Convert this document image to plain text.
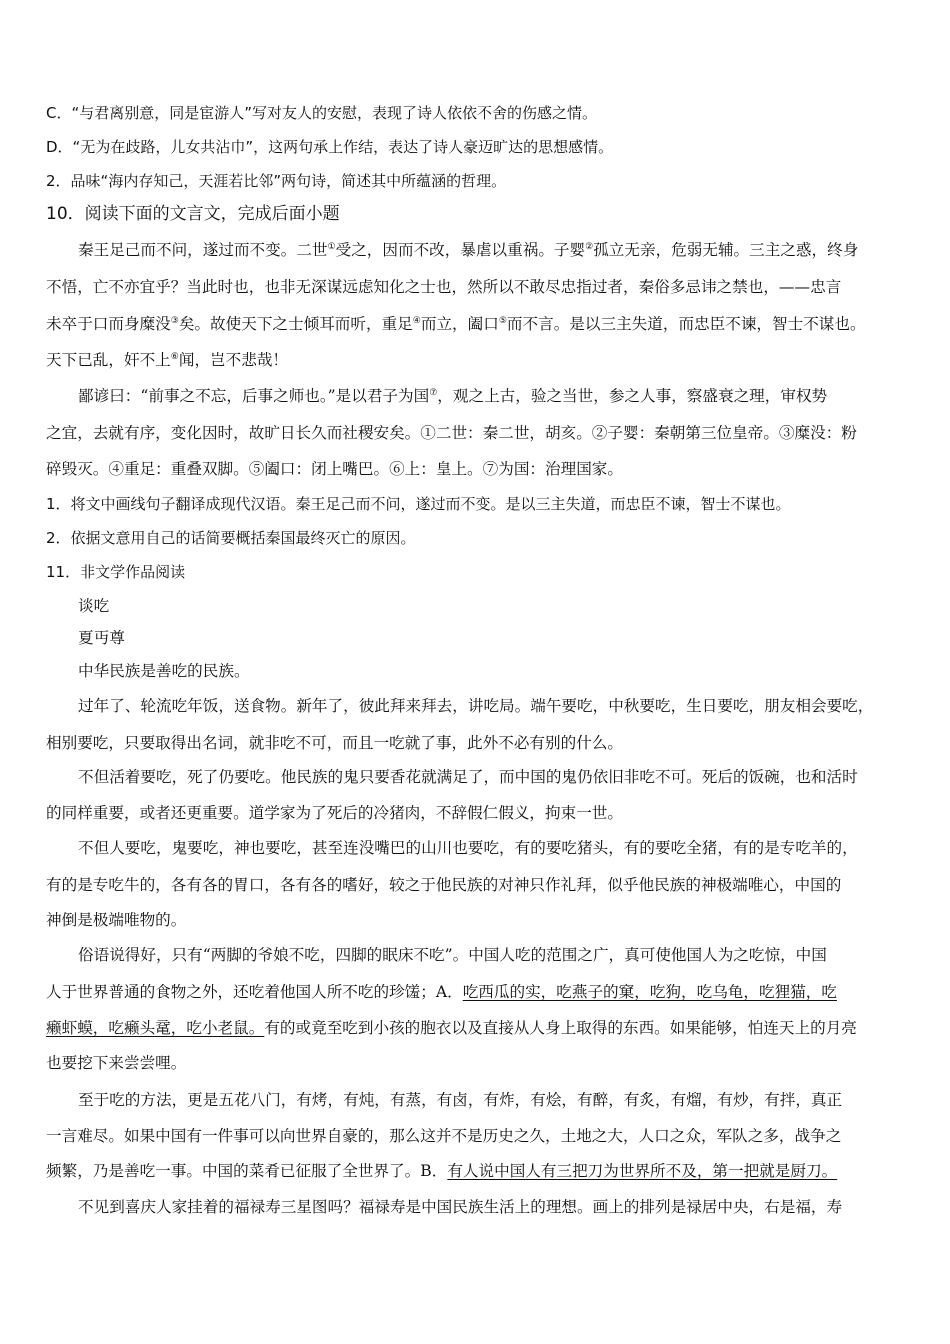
C．“与君离别意，同是宦游人”写对友人的安慰，表现了诗人依依不舍的伤感之情。
D．“无为在歧路，儿女共沾巾”，这两句承上作结，表达了诗人豪迈旷达的思想感情。
2．品味“海内存知己，天涯若比邻”两句诗，简述其中所蕴涵的哲理。
10．阅读下面的文言文，完成后面小题
秦王足己而不问，遂过而不变。二世①受之，因而不改，暴虐以重祸。子婴②孤立无亲，危弱无辅。三主之惑，终身
不悟，亡不亦宜乎？当此时也，也非无深谋远虑知化之士也，然所以不敢尽忠指过者，秦俗多忌讳之禁也，——忠言
未卒于口而身糜没③矣。故使天下之士倾耳而听，重足④而立，阖口⑤而不言。是以三主失道，而忠臣不谏，智士不谋也。
天下已乱，奸不上⑥闻，岂不悲哉！
鄙谚曰：“前事之不忘，后事之师也。”是以君子为国⑦，观之上古，验之当世，参之人事，察盛衰之理，审权势
之宜，去就有序，变化因时，故旷日长久而社稷安矣。①二世：秦二世，胡亥。②子婴：秦朝第三位皇帝。③糜没：粉
碎毁灭。④重足：重叠双脚。⑤阖口：闭上嘴巴。⑥上：皇上。⑦为国：治理国家。
1．将文中画线句子翻译成现代汉语。秦王足己而不问，遂过而不变。是以三主失道，而忠臣不谏，智士不谋也。
2．依据文意用自己的话简要概括秦国最终灭亡的原因。
11．非文学作品阅读
谈吃
夏丏尊
中华民族是善吃的民族。
过年了、轮流吃年饭，送食物。新年了，彼此拜来拜去，讲吃局。端午要吃，中秋要吃，生日要吃，朋友相会要吃，
相别要吃，只要取得出名词，就非吃不可，而且一吃就了事，此外不必有别的什么。
不但活着要吃，死了仍要吃。他民族的鬼只要香花就满足了，而中国的鬼仍依旧非吃不可。死后的饭碗，也和活时
的同样重要，或者还更重要。道学家为了死后的冷猪肉，不辞假仁假义，拘束一世。
不但人要吃，鬼要吃，神也要吃，甚至连没嘴巴的山川也要吃，有的要吃猪头，有的要吃全猪，有的是专吃羊的，
有的是专吃牛的，各有各的胃口，各有各的嗜好，较之于他民族的对神只作礼拜，似乎他民族的神极端唯心，中国的
神倒是极端唯物的。
俗语说得好，只有“两脚的爷娘不吃，四脚的眠床不吃”。中国人吃的范围之广，真可使他国人为之吃惊，中国
人于世界普通的食物之外，还吃着他国人所不吃的珍馐；A．吃西瓜的实，吃燕子的窠，吃狗，吃乌龟，吃狸猫，吃
癞虾蟆，吃癞头鼋，吃小老鼠。有的或竟至吃到小孩的胞衣以及直接从人身上取得的东西。如果能够，怕连天上的月亮
也要挖下来尝尝哩。
至于吃的方法，更是五花八门，有烤，有炖，有蒸，有卤，有炸，有烩，有醉，有炙，有熘，有炒，有拌，真正
一言难尽。如果中国有一件事可以向世界自豪的，那么这并不是历史之久，土地之大，人口之众，军队之多，战争之
频繁，乃是善吃一事。中国的菜肴已征服了全世界了。B．有人说中国人有三把刀为世界所不及，第一把就是厨刀。
不见到喜庆人家挂着的福禄寿三星图吗？福禄寿是中国民族生活上的理想。画上的排列是禄居中央，右是福，寿
